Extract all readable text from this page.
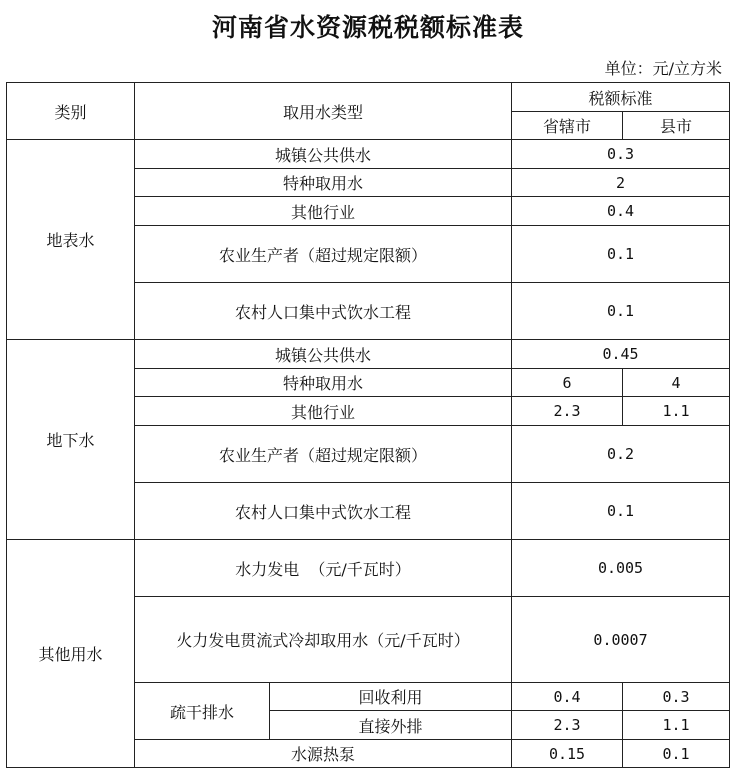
河南省水资源税税额标准表
单位：元/立方米
类别	取用水类型		税额标准	
			省辖市	县市
地表水	城镇公共供水		0.3	
	特种取用水		2	
	其他行业		0.4	
	农业生产者（超过规定限额）		0.1	
	农村人口集中式饮水工程		0.1	
地下水	城镇公共供水		0.45	
	特种取用水		6	4
	其他行业		2.3	1.1
	农业生产者（超过规定限额）		0.2	
	农村人口集中式饮水工程		0.1	
其他用水	水力发电  （元/千瓦时）		0.005	
	火力发电贯流式冷却取用水（元/千瓦时）		0.0007	
	疏干排水	回收利用	0.4	0.3
		直接外排	2.3	1.1
	水源热泵		0.15	0.1
